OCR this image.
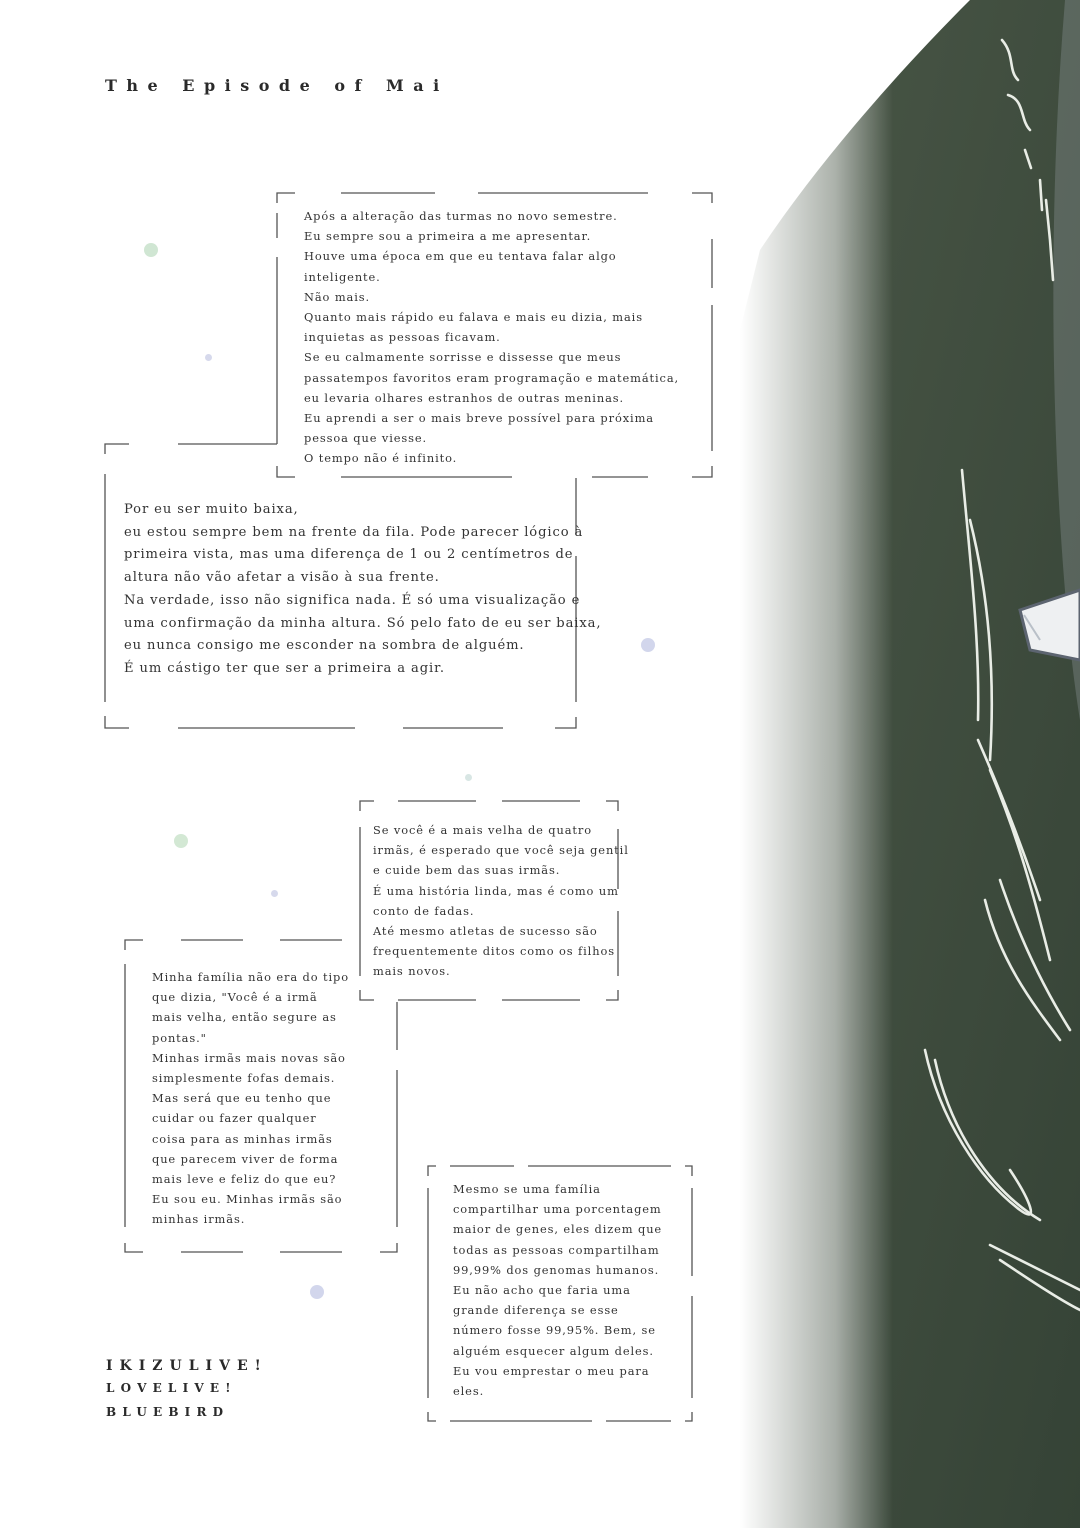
The Episode of Mai

Após a alteração das turmas no novo semestre.

Eu sempre sou a primeira a me apresentar.

Houve uma época em que eu tentava falar algo

inteligente.

Não mais.

Quanto mais rápido eu falava e mais eu dizia, mais

inquietas as pessoas ficavam.

Se eu calmamente sorrisse e dissesse que meus

passatempos favoritos eram programação e matemática,

eu levaria olhares estranhos de outras meninas.

Eu aprendi a ser o mais breve possível para próxima

pessoa que viesse.

O tempo não é infinito.

Por eu ser muito baixa,

eu estou sempre bem na frente da fila. Pode parecer lógico à

primeira vista, mas uma diferença de 1 ou 2 centímetros de

altura não vão afetar a visão à sua frente.

Na verdade, isso não significa nada. É só uma visualização e

uma confirmação da minha altura. Só pelo fato de eu ser baixa,

eu nunca consigo me esconder na sombra de alguém.

É um cástigo ter que ser a primeira a agir.

Se você é a mais velha de quatro

irmãs, é esperado que você seja gentil

e cuide bem das suas irmãs.

É uma história linda, mas é como um

conto de fadas.

Até mesmo atletas de sucesso são

frequentemente ditos como os filhos

mais novos.

Minha família não era do tipo

que dizia, "Você é a irmã

mais velha, então segure as

pontas."

Minhas irmãs mais novas são

simplesmente fofas demais.

Mas será que eu tenho que

cuidar ou fazer qualquer

coisa para as minhas irmãs

que parecem viver de forma

mais leve e feliz do que eu?

Eu sou eu. Minhas irmãs são

minhas irmãs.

Mesmo se uma família

compartilhar uma porcentagem

maior de genes, eles dizem que

todas as pessoas compartilham

99,99% dos genomas humanos.

Eu não acho que faria uma

grande diferença se esse

número fosse 99,95%. Bem, se

alguém esquecer algum deles.

Eu vou emprestar o meu para

eles.

IKIZULIVE!
LOVELIVE!
BLUEBIRD
